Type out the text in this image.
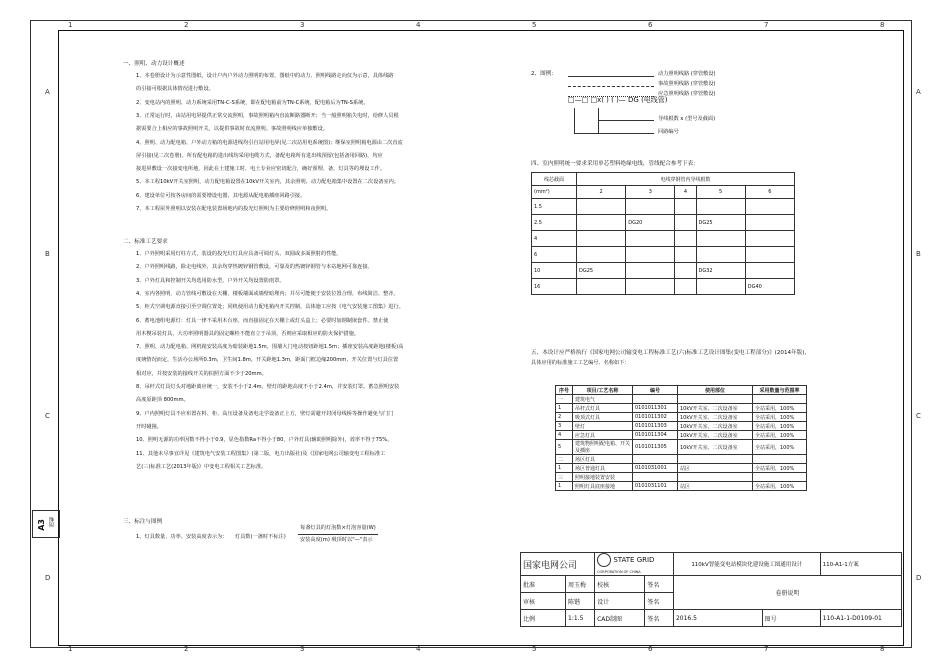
1	2	3	4	5	6	7	8
1	2	3	4	5	6	7	8
A
B
C
D
A
B
C
D
A3 图幅
一、照明、动力设计概述
1、本卷册设计为示意性图纸，设计户内户外动力照明的布置，图纸中的动力、照明线路走向仅为示意，具体线路
的引接可根据具体情况进行敷设。
2、变电站内的照明、动力系统采用TN-C-S系统，即在配电箱前为TN-C系统，配电箱后为TN-S系统。
3、正常运行时，由站用电屏提供正常交流照明，事故照明箱内直流断路器断开；当一般照明箱失电时，给修人员根
据需要合上相应的事故照明开关，以提供事故时直流照明。事故照明线应单独敷设。
4、照明、动力配电箱、户外动力箱的电源进线均引自站用电屏(见二次站用电系统图)；继保室照明箱电源由二次直流
屏引接(见二次卷册)。所有配电箱的进出线均采用电缆方式，备配电箱所有进出线预留(包括备用回路)，均应
接进屏敷设一次接变电所地，因此在土建施工时，电土专业应密切配合，确好预埋、备、灯具等的埋设工作。
5、本工程10kV开关室照明、动力配电箱设置在10kV开关室内，其余照明、动力配电箱集中设置在二次设备室内。
6、建设单位可按各房间的需要增设电器，其电源从配电箱插座回路引接。
7、本工程屋外照明以安装在配电装置场地内的投光灯照明为主要给修照明和夜照明。
二、标准工艺要求
1、户外照明采用灯柱方式，装设的投光灯灯具应具备可调灯头、双圆或多面照射的性能。
2、户外照明线路，除走电线外，其余均穿热镀锌钢管敷设。可靠及的热镀锌钢管与本站地网可靠连接。
3、户外灯具和控制开关均选用防水型，户外开关均设置防雨罩。
4、室内各照明、动力管线可敷设在天棚、楼板墙面或墙壁暗埋内；并尽可能便于安装位置合理，布线简洁、整齐。
5、柜式空调电源直接引至空调位置处；同机使用动力配电箱内开关控制，具体施工应按《电气安装施工图集》进行。
6、蓄电池组电源灯：灯具一律不采用木台座，而直接固定在天棚上或灯头盒上；必要时加钢制嵌套件。禁止使
用木楔吊装灯具。大功率照明器具的固定螺栓不能直立于吊顶，否则应采取相应的防火保护措施。
7、照明、动力配电箱、网机箱安装高度为暗装距地1.5m，围墙大门电动按钮距地1.5m；插座安装高度距地(楼板)高
度统情况而定，生活办公场所0.3m，卫生间1.8m，开关距地1.3m，距面门框边缘200mm，开关位置与灯具位置
相对应，并按安装的接线开关的拍照方面不少于20mm。
8、吊杆式灯具灯头对地距离应统一，安装不小于2.4m，壁灯的距地高度不小于2.4m，并安装灯罩。蓄急照明安装
高度原距顶 800mm。
9、户内照明灯具不应布置在料、柜、高压设备及备电走学设备正上方，壁灯需避开封闭母线桥等操作避免与门门
开时碰撞。
10、照明无源的功率因数不得小于0.9，显色指数Ra不得小于80，户外灯具(辅助照明除外)，效率不得于75%。
11、其他未尽事宜详见《建筑电气安装工程图集》(第二版，电力出版社)及《国家电网公司输变电工程标准工
艺(三)标准工艺(2013年版)》中变电工程相关工艺标准。
三、标注与图例
1、灯具数量、功率、安装高度表示为： 灯具数(一盏时不标注)
每盏灯具的灯泡数×灯泡容量(W)
安装高度(m) 吸顶时以"—"表示
2、图例：	动力照明线路 (穿管敷设)
事故照明线路 (穿管敷设)
应急照明线路 (穿管敷设)
□—□ □x( ) ( )— DG (电线管)
导线根数 x (型号及截面)
回路编号
四、室内照明统一要求采用单芯塑料绝缘电线，管线配合参考下表：
线芯截面	电线穿钢管内导线根数				
(mm²)	2	3	4	5	6
1.5					
2.5		DG20		DG25	
4					
6					
10	DG25			DG32	
16					DG40
五、本设计应严格执行《国家电网公司输变电工程标准工艺(六)标准工艺设计图集(变电工程部分)》(2014年版)，
具体应用的标准施工工艺编号、名称如下：
序号	项目/工艺名称	编号	使用部位	采用数量与范围率
一	建筑电气			
1	吊杆式灯具	0101011301	10kV开关室、二次设备室	全站采用，100%
2	吸顶式灯具	0101011302	10kV开关室、二次设备室	全站采用，100%
3	壁灯	0101011303	10kV开关室、二次设备室	全站采用，100%
4	应急灯具	0101011304	10kV开关室、二次设备室	全站采用，100%
5	建筑物照明配电箱、开关及插座	0101011305	10kV开关室、二次设备室	全站采用，100%
二	场区灯具			
1	场区普通灯具	0101031001	站区	全站采用，100%
三	照明接地装置安装			
1	照明灯具底座接地	0101031101	站区	全站采用，100%
国家电网公司		STATE GRID
CORPORATION OF CHINA		110kV智能变电站模块化建设施工图通用设计		110-A1-1方案
批准	周玉梅	校核	签名	卷册说明		
审核	陈锴	设计	签名			
比例	1:1.5	CAD制图	签名	2016.5	图号	110-A1-1-D0109-01
